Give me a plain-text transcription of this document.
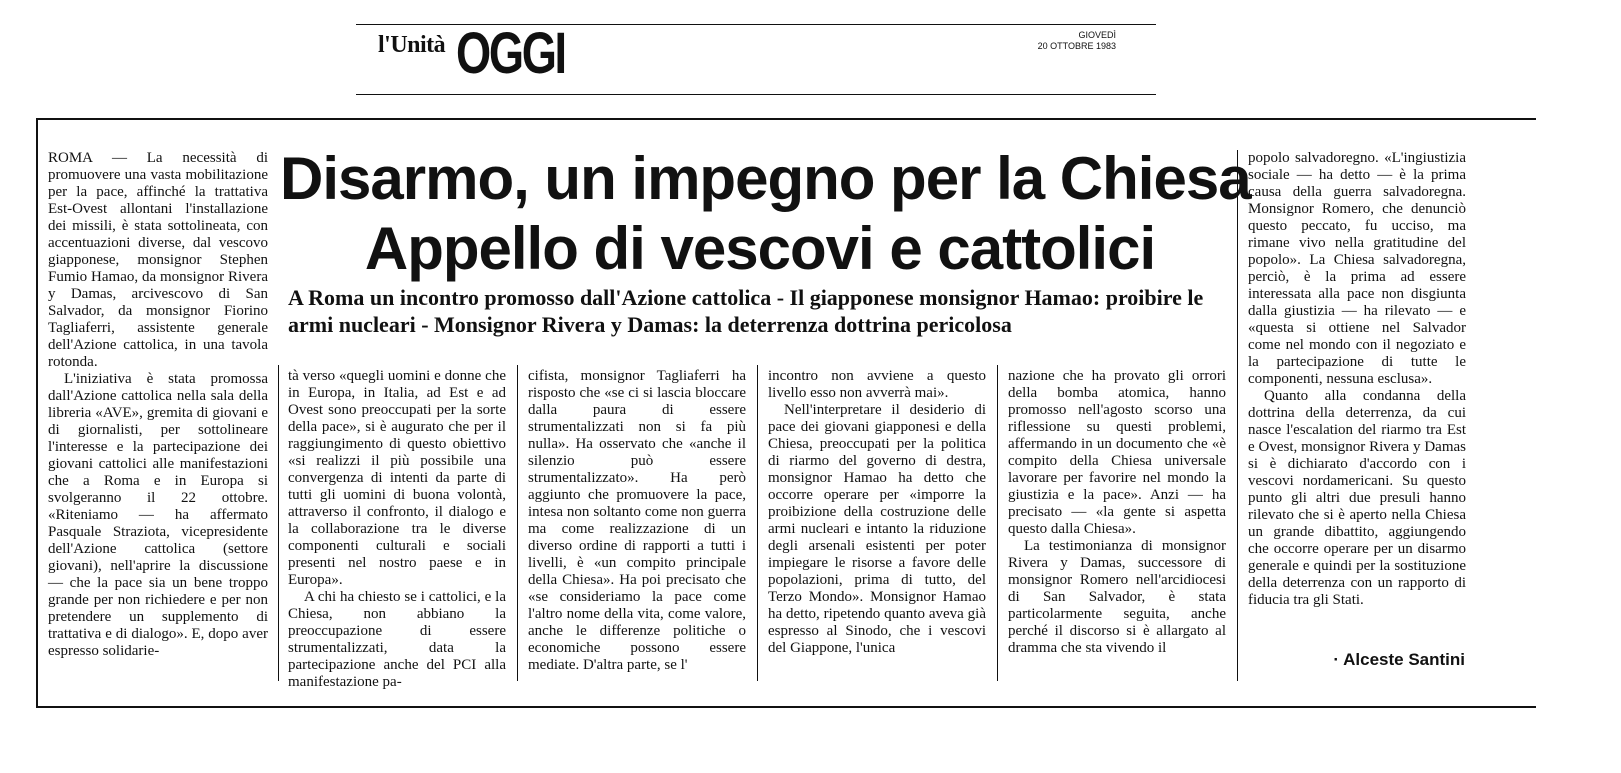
l'Unità OGGI	GIOVEDÌ
20 OTTOBRE 1983
Disarmo, un impegno per la Chiesa
Appello di vescovi e cattolici
A Roma un incontro promosso dall'Azione cattolica - Il giapponese monsignor Hamao: proibire le armi nucleari - Monsignor Rivera y Damas: la deterrenza dottrina pericolosa

ROMA — La necessità di promuovere una vasta mobilitazione per la pace, affinché la trattativa Est-Ovest allontani l'installazione dei missili, è stata sottolineata, con accentuazioni diverse, dal vescovo giapponese, monsignor Stephen Fumio Hamao, da monsignor Rivera y Damas, arcivescovo di San Salvador, da monsignor Fiorino Tagliaferri, assistente generale dell'Azione cattolica, in una tavola rotonda.

L'iniziativa è stata promossa dall'Azione cattolica nella sala della libreria «AVE», gremita di giovani e di giornalisti, per sottolineare l'interesse e la partecipazione dei giovani cattolici alle manifestazioni che a Roma e in Europa si svolgeranno il 22 ottobre. «Riteniamo — ha affermato Pasquale Straziota, vicepresidente dell'Azione cattolica (settore giovani), nell'aprire la discussione — che la pace sia un bene troppo grande per non richiedere e per non pretendere un supplemento di trattativa e di dialogo». E, dopo aver espresso solidarie-

tà verso «quegli uomini e donne che in Europa, in Italia, ad Est e ad Ovest sono preoccupati per la sorte della pace», si è augurato che per il raggiungimento di questo obiettivo «si realizzi il più possibile una convergenza di intenti da parte di tutti gli uomini di buona volontà, attraverso il confronto, il dialogo e la collaborazione tra le diverse componenti culturali e sociali presenti nel nostro paese e in Europa».

A chi ha chiesto se i cattolici, e la Chiesa, non abbiano la preoccupazione di essere strumentalizzati, data la partecipazione anche del PCI alla manifestazione pa-

cifista, monsignor Tagliaferri ha risposto che «se ci si lascia bloccare dalla paura di essere strumentalizzati non si fa più nulla». Ha osservato che «anche il silenzio può essere strumentalizzato». Ha però aggiunto che promuovere la pace, intesa non soltanto come non guerra ma come realizzazione di un diverso ordine di rapporti a tutti i livelli, è «un compito principale della Chiesa». Ha poi precisato che «se consideriamo la pace come l'altro nome della vita, come valore, anche le differenze politiche o economiche possono essere mediate. D'altra parte, se l'

incontro non avviene a questo livello esso non avverrà mai».

Nell'interpretare il desiderio di pace dei giovani giapponesi e della Chiesa, preoccupati per la politica di riarmo del governo di destra, monsignor Hamao ha detto che occorre operare per «imporre la proibizione della costruzione delle armi nucleari e intanto la riduzione degli arsenali esistenti per poter impiegare le risorse a favore delle popolazioni, prima di tutto, del Terzo Mondo». Monsignor Hamao ha detto, ripetendo quanto aveva già espresso al Sinodo, che i vescovi del Giappone, l'unica

nazione che ha provato gli orrori della bomba atomica, hanno promosso nell'agosto scorso una riflessione su questi problemi, affermando in un documento che «è compito della Chiesa universale lavorare per favorire nel mondo la giustizia e la pace». Anzi — ha precisato — «la gente si aspetta questo dalla Chiesa».

La testimonianza di monsignor Rivera y Damas, successore di monsignor Romero nell'arcidiocesi di San Salvador, è stata particolarmente seguita, anche perché il discorso si è allargato al dramma che sta vivendo il

popolo salvadoregno. «L'ingiustizia sociale — ha detto — è la prima causa della guerra salvadoregna. Monsignor Romero, che denunciò questo peccato, fu ucciso, ma rimane vivo nella gratitudine del popolo». La Chiesa salvadoregna, perciò, è la prima ad essere interessata alla pace non disgiunta dalla giustizia — ha rilevato — e «questa si ottiene nel Salvador come nel mondo con il negoziato e la partecipazione di tutte le componenti, nessuna esclusa».

Quanto alla condanna della dottrina della deterrenza, da cui nasce l'escalation del riarmo tra Est e Ovest, monsignor Rivera y Damas si è dichiarato d'accordo con i vescovi nordamericani. Su questo punto gli altri due presuli hanno rilevato che si è aperto nella Chiesa un grande dibattito, aggiungendo che occorre operare per un disarmo generale e quindi per la sostituzione della deterrenza con un rapporto di fiducia tra gli Stati.

· Alceste Santini
